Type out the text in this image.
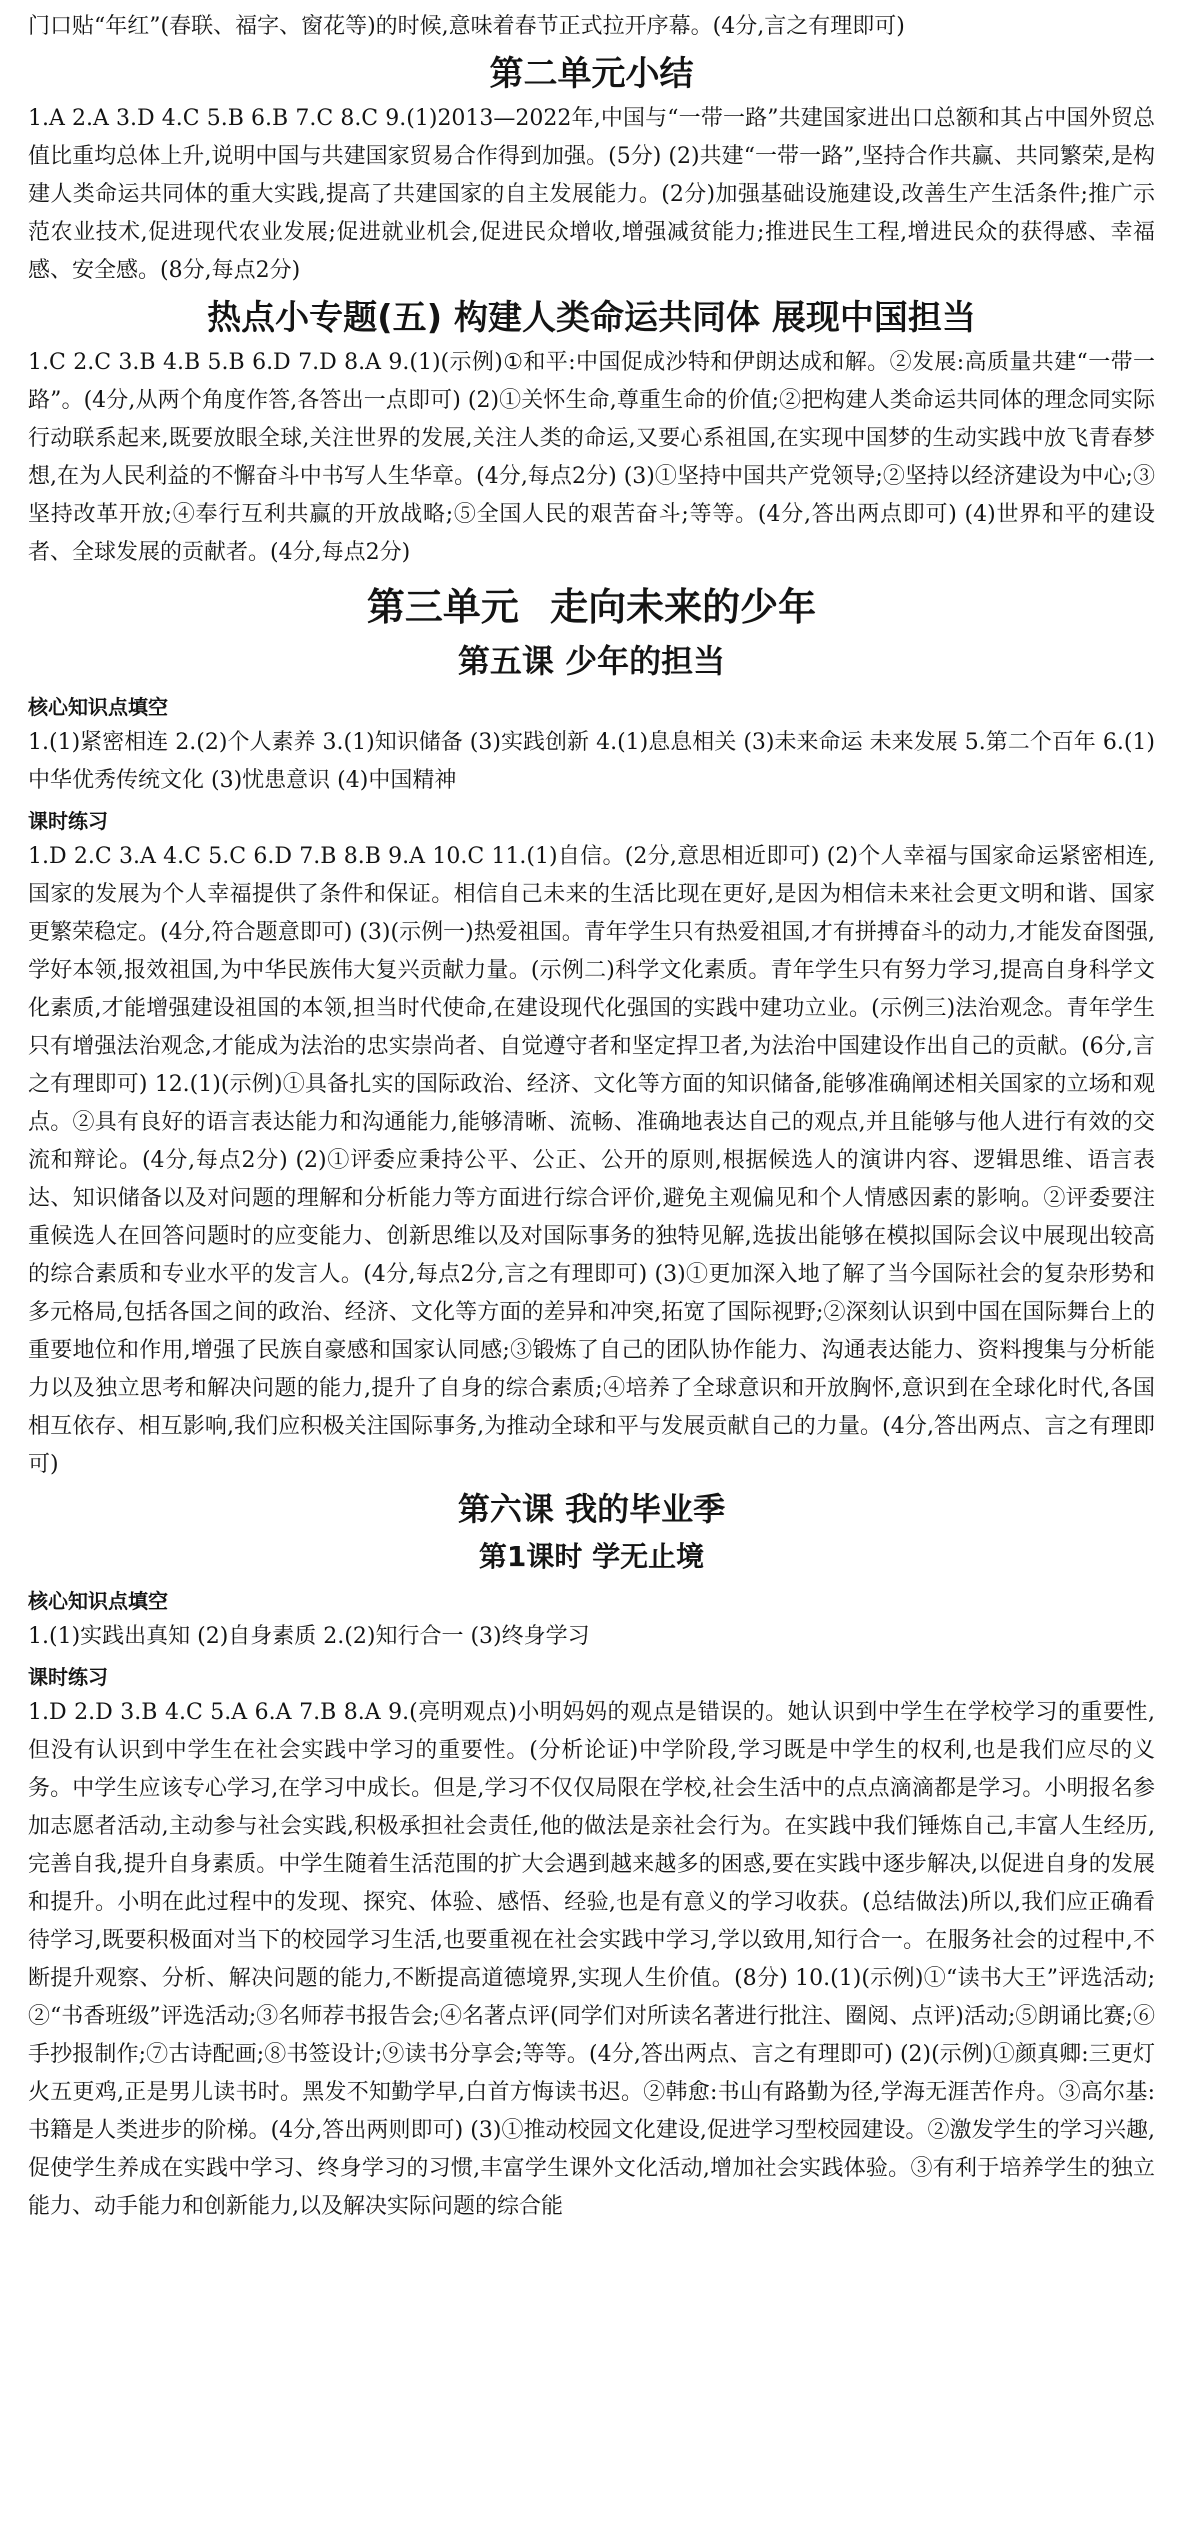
门口贴“年红”(春联、福字、窗花等)的时候,意味着春节正式拉开序幕。(4分,言之有理即可)

第二单元小结

1.A 2.A 3.D 4.C 5.B 6.B 7.C 8.C 9.(1)2013—2022年,中国与“一带一路”共建国家进出口总额和其占中国外贸总值比重均总体上升,说明中国与共建国家贸易合作得到加强。(5分) (2)共建“一带一路”,坚持合作共赢、共同繁荣,是构建人类命运共同体的重大实践,提高了共建国家的自主发展能力。(2分)加强基础设施建设,改善生产生活条件;推广示范农业技术,促进现代农业发展;促进就业机会,促进民众增收,增强减贫能力;推进民生工程,增进民众的获得感、幸福感、安全感。(8分,每点2分)

热点小专题(五) 构建人类命运共同体 展现中国担当

1.C 2.C 3.B 4.B 5.B 6.D 7.D 8.A 9.(1)(示例)①和平:中国促成沙特和伊朗达成和解。②发展:高质量共建“一带一路”。(4分,从两个角度作答,各答出一点即可) (2)①关怀生命,尊重生命的价值;②把构建人类命运共同体的理念同实际行动联系起来,既要放眼全球,关注世界的发展,关注人类的命运,又要心系祖国,在实现中国梦的生动实践中放飞青春梦想,在为人民利益的不懈奋斗中书写人生华章。(4分,每点2分) (3)①坚持中国共产党领导;②坚持以经济建设为中心;③坚持改革开放;④奉行互利共赢的开放战略;⑤全国人民的艰苦奋斗;等等。(4分,答出两点即可) (4)世界和平的建设者、全球发展的贡献者。(4分,每点2分)

第三单元 走向未来的少年
第五课 少年的担当
核心知识点填空

1.(1)紧密相连 2.(2)个人素养 3.(1)知识储备 (3)实践创新 4.(1)息息相关 (3)未来命运 未来发展 5.第二个百年 6.(1)中华优秀传统文化 (3)忧患意识 (4)中国精神

课时练习

1.D 2.C 3.A 4.C 5.C 6.D 7.B 8.B 9.A 10.C 11.(1)自信。(2分,意思相近即可) (2)个人幸福与国家命运紧密相连,国家的发展为个人幸福提供了条件和保证。相信自己未来的生活比现在更好,是因为相信未来社会更文明和谐、国家更繁荣稳定。(4分,符合题意即可) (3)(示例一)热爱祖国。青年学生只有热爱祖国,才有拼搏奋斗的动力,才能发奋图强,学好本领,报效祖国,为中华民族伟大复兴贡献力量。(示例二)科学文化素质。青年学生只有努力学习,提高自身科学文化素质,才能增强建设祖国的本领,担当时代使命,在建设现代化强国的实践中建功立业。(示例三)法治观念。青年学生只有增强法治观念,才能成为法治的忠实崇尚者、自觉遵守者和坚定捍卫者,为法治中国建设作出自己的贡献。(6分,言之有理即可) 12.(1)(示例)①具备扎实的国际政治、经济、文化等方面的知识储备,能够准确阐述相关国家的立场和观点。②具有良好的语言表达能力和沟通能力,能够清晰、流畅、准确地表达自己的观点,并且能够与他人进行有效的交流和辩论。(4分,每点2分) (2)①评委应秉持公平、公正、公开的原则,根据候选人的演讲内容、逻辑思维、语言表达、知识储备以及对问题的理解和分析能力等方面进行综合评价,避免主观偏见和个人情感因素的影响。②评委要注重候选人在回答问题时的应变能力、创新思维以及对国际事务的独特见解,选拔出能够在模拟国际会议中展现出较高的综合素质和专业水平的发言人。(4分,每点2分,言之有理即可) (3)①更加深入地了解了当今国际社会的复杂形势和多元格局,包括各国之间的政治、经济、文化等方面的差异和冲突,拓宽了国际视野;②深刻认识到中国在国际舞台上的重要地位和作用,增强了民族自豪感和国家认同感;③锻炼了自己的团队协作能力、沟通表达能力、资料搜集与分析能力以及独立思考和解决问题的能力,提升了自身的综合素质;④培养了全球意识和开放胸怀,意识到在全球化时代,各国相互依存、相互影响,我们应积极关注国际事务,为推动全球和平与发展贡献自己的力量。(4分,答出两点、言之有理即可)

第六课 我的毕业季
第1课时 学无止境
核心知识点填空

1.(1)实践出真知 (2)自身素质 2.(2)知行合一 (3)终身学习

课时练习

1.D 2.D 3.B 4.C 5.A 6.A 7.B 8.A 9.(亮明观点)小明妈妈的观点是错误的。她认识到中学生在学校学习的重要性,但没有认识到中学生在社会实践中学习的重要性。(分析论证)中学阶段,学习既是中学生的权利,也是我们应尽的义务。中学生应该专心学习,在学习中成长。但是,学习不仅仅局限在学校,社会生活中的点点滴滴都是学习。小明报名参加志愿者活动,主动参与社会实践,积极承担社会责任,他的做法是亲社会行为。在实践中我们锤炼自己,丰富人生经历,完善自我,提升自身素质。中学生随着生活范围的扩大会遇到越来越多的困惑,要在实践中逐步解决,以促进自身的发展和提升。小明在此过程中的发现、探究、体验、感悟、经验,也是有意义的学习收获。(总结做法)所以,我们应正确看待学习,既要积极面对当下的校园学习生活,也要重视在社会实践中学习,学以致用,知行合一。在服务社会的过程中,不断提升观察、分析、解决问题的能力,不断提高道德境界,实现人生价值。(8分) 10.(1)(示例)①“读书大王”评选活动;②“书香班级”评选活动;③名师荐书报告会;④名著点评(同学们对所读名著进行批注、圈阅、点评)活动;⑤朗诵比赛;⑥手抄报制作;⑦古诗配画;⑧书签设计;⑨读书分享会;等等。(4分,答出两点、言之有理即可) (2)(示例)①颜真卿:三更灯火五更鸡,正是男儿读书时。黑发不知勤学早,白首方悔读书迟。②韩愈:书山有路勤为径,学海无涯苦作舟。③高尔基:书籍是人类进步的阶梯。(4分,答出两则即可) (3)①推动校园文化建设,促进学习型校园建设。②激发学生的学习兴趣,促使学生养成在实践中学习、终身学习的习惯,丰富学生课外文化活动,增加社会实践体验。③有利于培养学生的独立能力、动手能力和创新能力,以及解决实际问题的综合能
